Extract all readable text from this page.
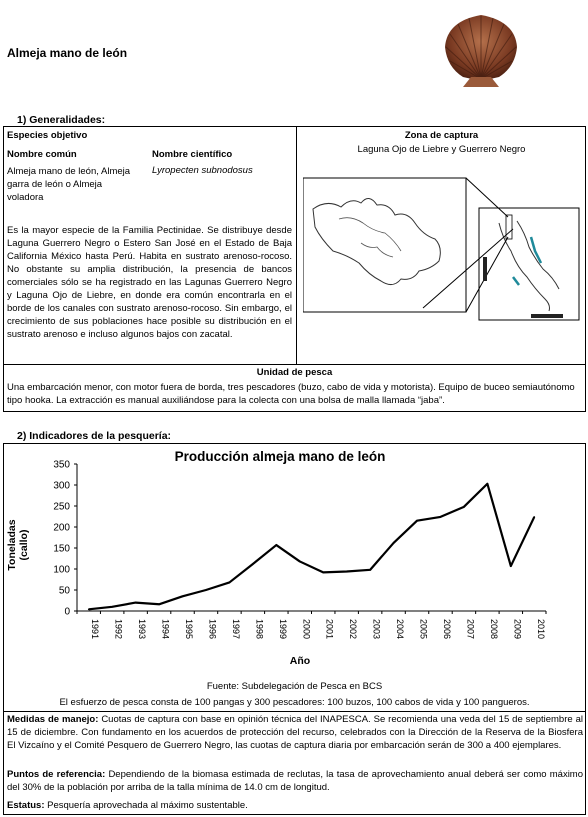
Almeja mano de león
1) Generalidades:
Especies objetivo
Nombre común	Nombre científico
Almeja mano de león, Almeja garra de león o Almeja voladora
Lyropecten subnodosus
Es la mayor especie de la Familia Pectinidae. Se distribuye desde Laguna Guerrero Negro o Estero San José en el Estado de Baja California México hasta Perú. Habita en sustrato arenoso-rocoso. No obstante su amplia distribución, la presencia de bancos comerciales sólo se ha registrado en las Lagunas Guerrero Negro y Laguna Ojo de Liebre, en donde era común encontrarla en el borde de los canales con sustrato arenoso-rocoso. Sin embargo, el crecimiento de sus poblaciones hace posible su distribución en el sustrato arenoso e incluso algunos bajos con zacatal.
Zona de captura
Laguna Ojo de Liebre y Guerrero Negro
Unidad de pesca
Una embarcación menor, con motor fuera de borda, tres pescadores (buzo, cabo de vida y motorista). Equipo de buceo semiautónomo tipo hooka. La extracción es manual auxiliándose para la colecta con una bolsa de malla llamada “jaba”.
2) Indicadores de la pesquería:
0
50
100
150
200
250
300
350
1991 1992 1993 1994 1995 1996 1997 1998 1999 2000 2001 2002 2003 2004 2005 2006 2007 2008 2009 2010
Producción almeja mano de león
Toneladas (callo)
Año
Fuente: Subdelegación de Pesca en BCS
El esfuerzo de pesca consta de 100 pangas y 300 pescadores: 100 buzos, 100 cabos de vida y 100 pangueros.
Medidas de manejo: Cuotas de captura con base en opinión técnica del INAPESCA. Se recomienda una veda del 15 de septiembre al 15 de diciembre. Con fundamento en los acuerdos de protección del recurso, celebrados con la Dirección de la Reserva de la Biosfera El Vizcaíno y el Comité Pesquero de Guerrero Negro, las cuotas de captura diaria por embarcación serán de 300 a 400 ejemplares.
Puntos de referencia: Dependiendo de la biomasa estimada de reclutas, la tasa de aprovechamiento anual deberá ser como máximo del 30% de la población por arriba de la talla mínima de 14.0 cm de longitud.
Estatus: Pesquería aprovechada al máximo sustentable.
